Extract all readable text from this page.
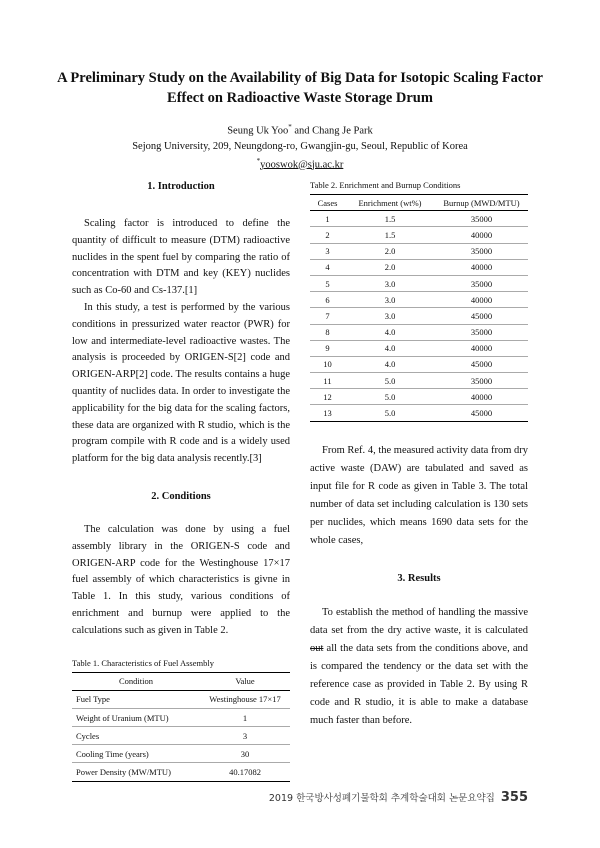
A Preliminary Study on the Availability of Big Data for Isotopic Scaling Factor
Effect on Radioactive Waste Storage Drum
Seung Uk Yoo* and Chang Je Park
Sejong University, 209, Neungdong-ro, Gwangjin-gu, Seoul, Republic of Korea
*yooswok@sju.ac.kr
1. Introduction

Scaling factor is introduced to define the quantity of difficult to measure (DTM) radioactive nuclides in the spent fuel by comparing the ratio of concentration with DTM and key (KEY) nuclides such as Co-60 and Cs-137.[1]

In this study, a test is performed by the various conditions in pressurized water reactor (PWR) for low and intermediate-level radioactive wastes. The analysis is proceeded by ORIGEN-S[2] code and ORIGEN-ARP[2] code. The results contains a huge quantity of nuclides data. In order to investigate the applicability for the big data for the scaling factors, these data are organized with R studio, which is the program compile with R code and is a widely used platform for the big data analysis recently.[3]

2. Conditions

The calculation was done by using a fuel assembly library in the ORIGEN-S code and ORIGEN-ARP code for the Westinghouse 17×17 fuel assembly of which characteristics is givne in Table 1. In this study, various conditions of enrichment and burnup were applied to the calculations such as given in Table 2.

Table 1. Characteristics of Fuel Assembly
Condition	Value
Fuel Type	Westinghouse 17×17
Weight of Uranium (MTU)	1
Cycles	3
Cooling Time (years)	30
Power Density (MW/MTU)	40.17082
Table 2. Enrichment and Burnup Conditions
Cases	Enrichment (wt%)	Burnup (MWD/MTU)
1	1.5	35000
2	1.5	40000
3	2.0	35000
4	2.0	40000
5	3.0	35000
6	3.0	40000
7	3.0	45000
8	4.0	35000
9	4.0	40000
10	4.0	45000
11	5.0	35000
12	5.0	40000
13	5.0	45000

From Ref. 4, the measured activity data from dry active waste (DAW) are tabulated and saved as input file for R code as given in Table 3. The total number of data set including calculation is 130 sets per nuclides, which means 1690 data sets for the whole cases,

3. Results

To establish the method of handling the massive data set from the dry active waste, it is calculated out all the data sets from the conditions above, and is compared the tendency or the data set with the reference case as provided in Table 2. By using R code and R studio, it is able to make a database much faster than before.

2019 한국방사성폐기물학회 추계학술대회 논문요약집 355
